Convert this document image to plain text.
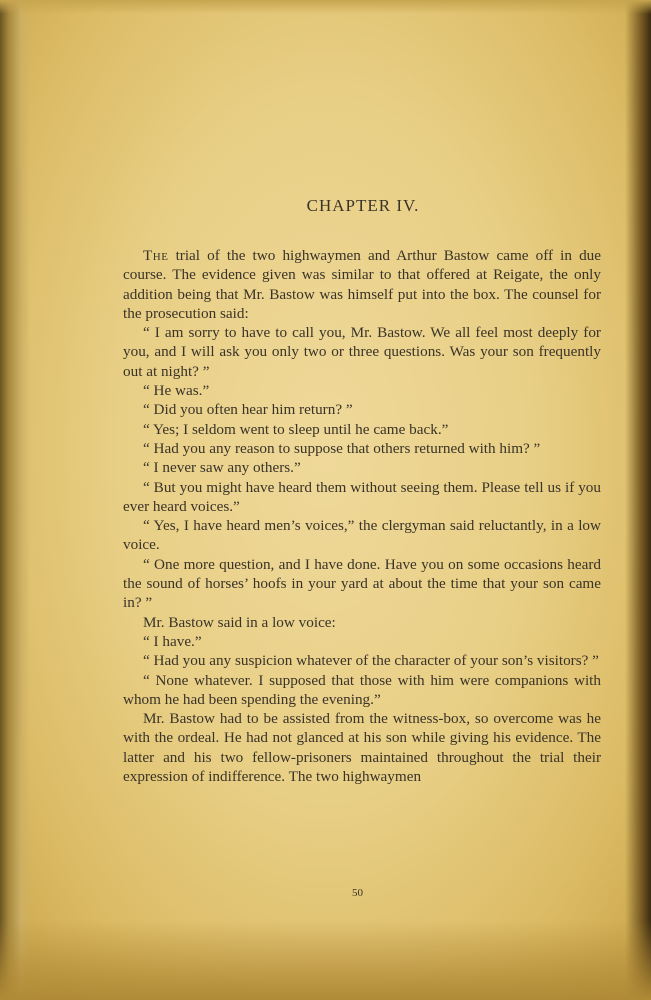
CHAPTER IV.

The trial of the two highwaymen and Arthur Bastow came off in due course. The evidence given was similar to that offered at Reigate, the only addition being that Mr. Bastow was himself put into the box. The counsel for the prosecution said:

“ I am sorry to have to call you, Mr. Bastow. We all feel most deeply for you, and I will ask you only two or three questions. Was your son frequently out at night? ”

“ He was.”

“ Did you often hear him return? ”

“ Yes; I seldom went to sleep until he came back.”

“ Had you any reason to suppose that others returned with him? ”

“ I never saw any others.”

“ But you might have heard them without seeing them. Please tell us if you ever heard voices.”

“ Yes, I have heard men’s voices,” the clergyman said reluctantly, in a low voice.

“ One more question, and I have done. Have you on some occasions heard the sound of horses’ hoofs in your yard at about the time that your son came in? ”

Mr. Bastow said in a low voice:

“ I have.”

“ Had you any suspicion whatever of the character of your son’s visitors? ”

“ None whatever. I supposed that those with him were companions with whom he had been spending the evening.”

Mr. Bastow had to be assisted from the witness-box, so overcome was he with the ordeal. He had not glanced at his son while giving his evidence. The latter and his two fellow-prisoners maintained throughout the trial their expression of indifference. The two highwaymen

50
